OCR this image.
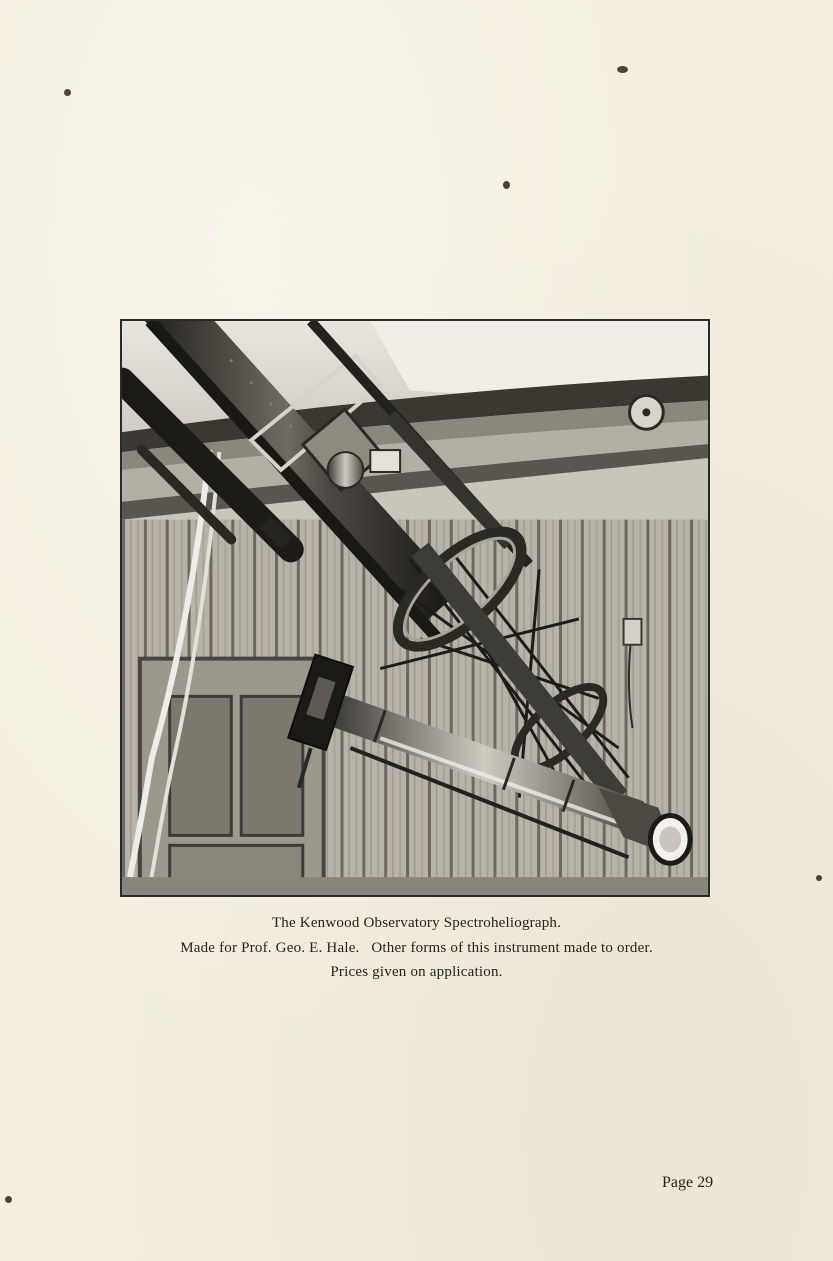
The Kenwood Observatory Spectroheliograph.
Made for Prof. Geo. E. Hale.   Other forms of this instrument made to order.
Prices given on application.
Page 29
